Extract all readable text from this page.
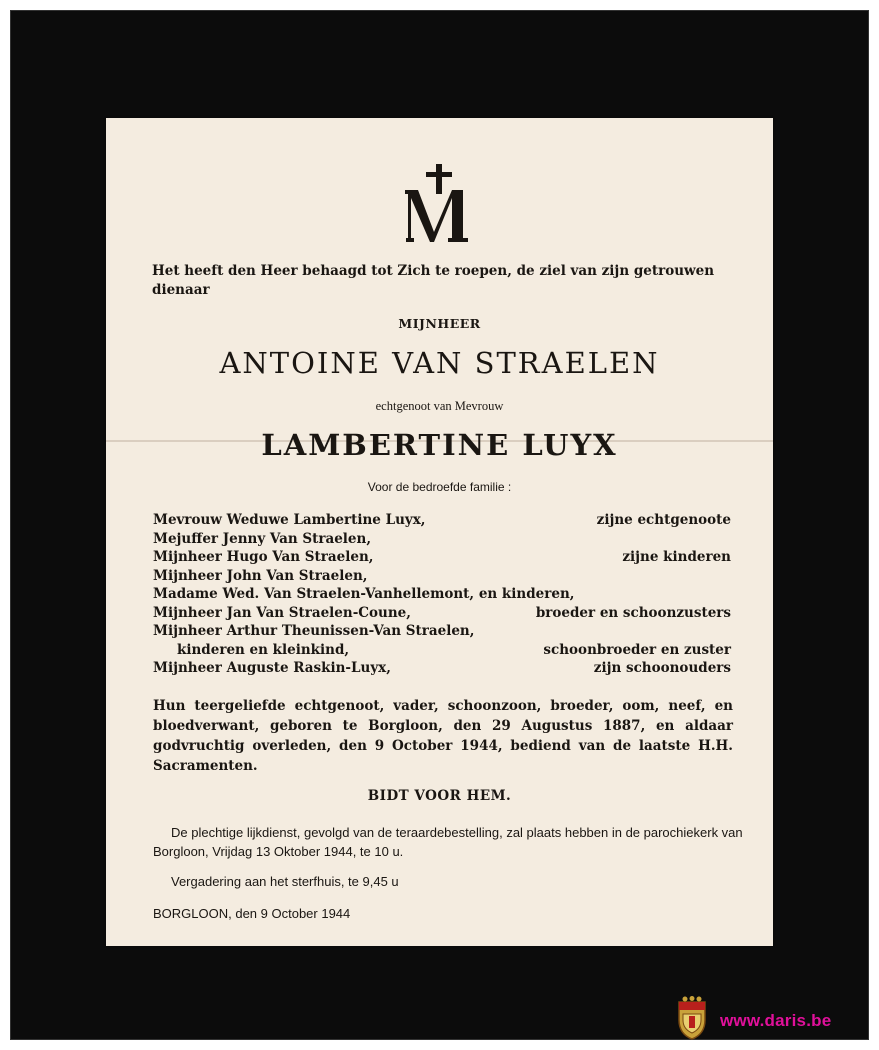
Het heeft den Heer behaagd tot Zich te roepen, de ziel van zijn getrouwen dienaar

MIJNHEER

ANTOINE VAN STRAELEN

echtgenoot van Mevrouw

LAMBERTINE LUYX

Voor de bedroefde familie :

Mevrouw Weduwe Lambertine Luyx,	zijne echtgenoote
Mejuffer Jenny Van Straelen,
Mijnheer Hugo Van Straelen,	zijne kinderen
Mijnheer John Van Straelen,
Madame Wed. Van Straelen-Vanhellemont, en kinderen,
Mijnheer Jan Van Straelen-Coune,	broeder en schoonzusters
Mijnheer Arthur Theunissen-Van Straelen,
kinderen en kleinkind,	schoonbroeder en zuster
Mijnheer Auguste Raskin-Luyx,	zijn schoonouders

Hun teergeliefde echtgenoot, vader, schoonzoon, broeder, oom, neef, en bloedverwant, geboren te Borgloon, den 29 Augustus 1887, en aldaar godvruchtig overleden, den 9 October 1944, bediend van de laatste H.H. Sacramenten.

BIDT VOOR HEM.

De plechtige lijkdienst, gevolgd van de teraardebestelling, zal plaats hebben in de parochiekerk van Borgloon, Vrijdag 13 Oktober 1944, te 10 u.

Vergadering aan het sterfhuis, te 9,45 u

BORGLOON, den 9 October 1944

www.daris.be
